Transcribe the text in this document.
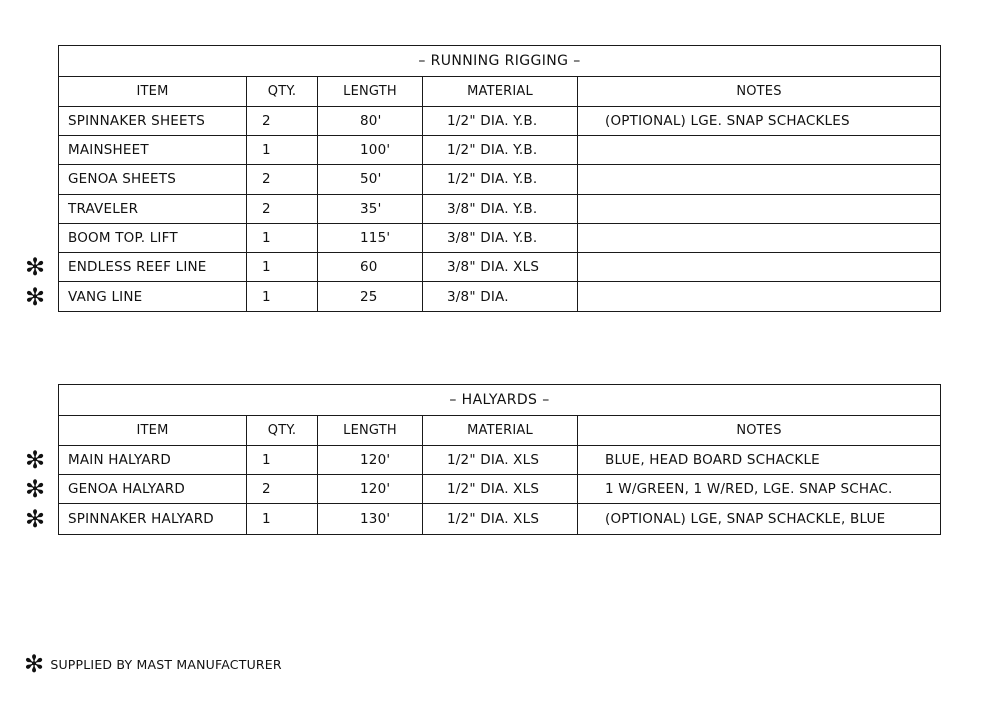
– RUNNING RIGGING –
ITEM	QTY.	LENGTH	MATERIAL	NOTES
SPINNAKER SHEETS	2	80'	1/2" DIA. Y.B.	(OPTIONAL) LGE. SNAP SCHACKLES
MAINSHEET	1	100'	1/2" DIA. Y.B.
GENOA SHEETS	2	50'	1/2" DIA. Y.B.
TRAVELER	2	35'	3/8" DIA. Y.B.
BOOM TOP. LIFT	1	115'	3/8" DIA. Y.B.
✻	ENDLESS REEF LINE	1	60	3/8" DIA. XLS
✻	VANG LINE	1	25	3/8" DIA.
– HALYARDS –
ITEM	QTY.	LENGTH	MATERIAL	NOTES
✻	MAIN HALYARD	1	120'	1/2" DIA. XLS	BLUE, HEAD BOARD SCHACKLE
✻	GENOA HALYARD	2	120'	1/2" DIA. XLS	1 W/GREEN, 1 W/RED, LGE. SNAP SCHAC.
✻	SPINNAKER HALYARD	1	130'	1/2" DIA. XLS	(OPTIONAL) LGE, SNAP SCHACKLE, BLUE
✻ SUPPLIED BY MAST MANUFACTURER
